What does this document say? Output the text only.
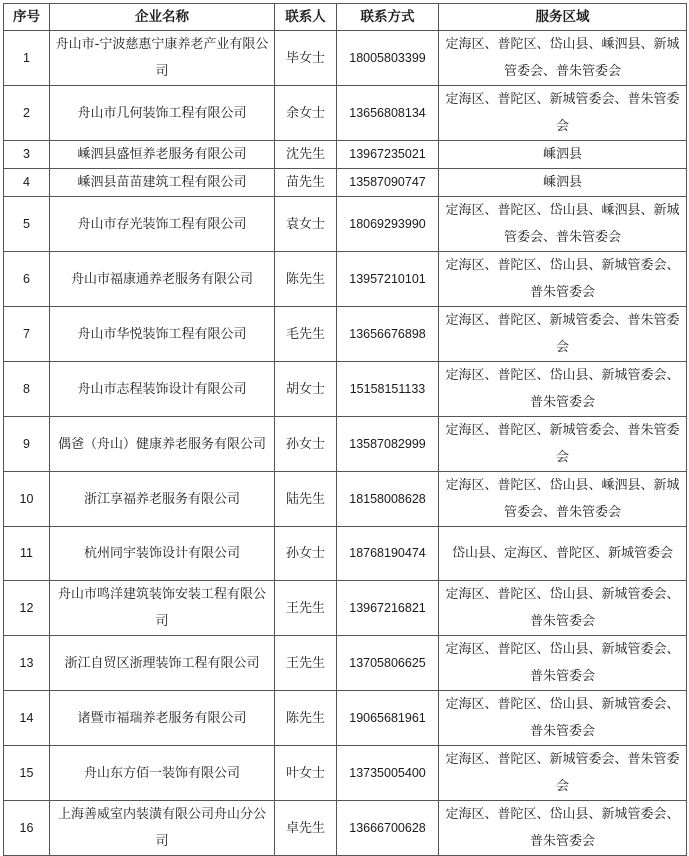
序号	企业名称	联系人	联系方式	服务区域
1	舟山市-宁波慈惠宁康养老产业有限公司	毕女士	18005803399	定海区、普陀区、岱山县、嵊泗县、新城管委会、普朱管委会
2	舟山市几何装饰工程有限公司	余女士	13656808134	定海区、普陀区、新城管委会、普朱管委会
3	嵊泗县盛恒养老服务有限公司	沈先生	13967235021	嵊泗县
4	嵊泗县苗苗建筑工程有限公司	苗先生	13587090747	嵊泗县
5	舟山市存光装饰工程有限公司	袁女士	18069293990	定海区、普陀区、岱山县、嵊泗县、新城管委会、普朱管委会
6	舟山市福康通养老服务有限公司	陈先生	13957210101	定海区、普陀区、岱山县、新城管委会、普朱管委会
7	舟山市华悦装饰工程有限公司	毛先生	13656676898	定海区、普陀区、新城管委会、普朱管委会
8	舟山市志程装饰设计有限公司	胡女士	15158151133	定海区、普陀区、岱山县、新城管委会、普朱管委会
9	偶爸（舟山）健康养老服务有限公司	孙女士	13587082999	定海区、普陀区、新城管委会、普朱管委会
10	浙江享福养老服务有限公司	陆先生	18158008628	定海区、普陀区、岱山县、嵊泗县、新城管委会、普朱管委会
11	杭州同宇装饰设计有限公司	孙女士	18768190474	岱山县、定海区、普陀区、新城管委会
12	舟山市鸣洋建筑装饰安装工程有限公司	王先生	13967216821	定海区、普陀区、岱山县、新城管委会、普朱管委会
13	浙江自贸区浙理装饰工程有限公司	王先生	13705806625	定海区、普陀区、岱山县、新城管委会、普朱管委会
14	诸暨市福瑞养老服务有限公司	陈先生	19065681961	定海区、普陀区、岱山县、新城管委会、普朱管委会
15	舟山东方佰一装饰有限公司	叶女士	13735005400	定海区、普陀区、新城管委会、普朱管委会
16	上海善威室内装潢有限公司舟山分公司	卓先生	13666700628	定海区、普陀区、岱山县、新城管委会、普朱管委会
